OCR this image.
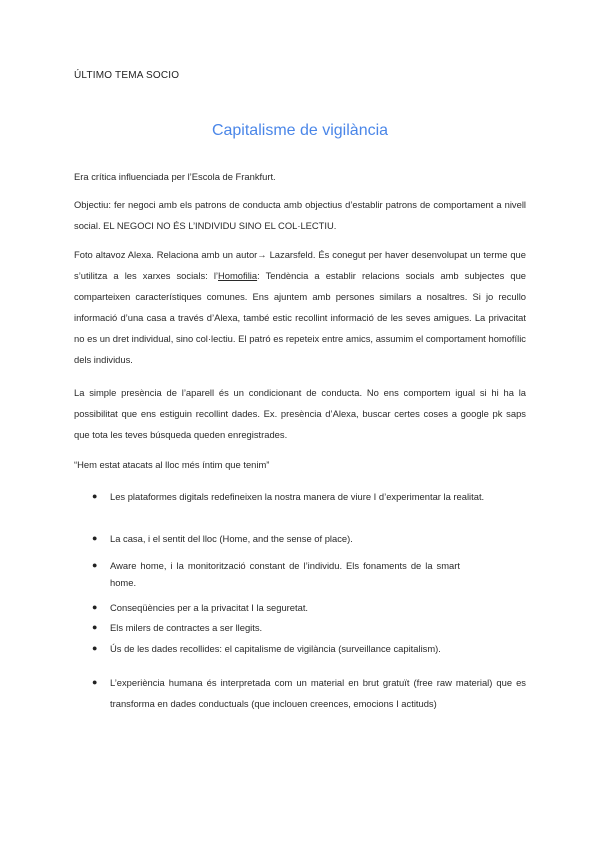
ÚLTIMO TEMA SOCIO
Capitalisme de vigilància
Era crítica influenciada per l’Escola de Frankfurt.
Objectiu: fer negoci amb els patrons de conducta amb objectius d’establir patrons de comportament a nivell social. EL NEGOCI NO ÉS L’INDIVIDU SINO EL COL·LECTIU.
Foto altavoz Alexa. Relaciona amb un autor→ Lazarsfeld. És conegut per haver desenvolupat un terme que s’utilitza a les xarxes socials: l’Homofilia: Tendència a establir relacions socials amb subjectes que comparteixen característiques comunes. Ens ajuntem amb persones similars a nosaltres. Si jo recullo informació d’una casa a través d’Alexa, també estic recollint informació de les seves amigues. La privacitat no es un dret individual, sino col·lectiu. El patró es repeteix entre amics, assumim el comportament homofílic dels individus.
La simple presència de l’aparell és un condicionant de conducta. No ens comportem igual si hi ha la possibilitat que ens estiguin recollint dades. Ex. presència d’Alexa, buscar certes coses a google pk saps que tota les teves búsqueda queden enregistrades.
“Hem estat atacats al lloc més íntim que tenim”
● Les plataformes digitals redefineixen la nostra manera de viure I d’experimentar la realitat.
● La casa, i el sentit del lloc (Home, and the sense of place).
● Aware home, i la monitorització constant de l’individu. Els fonaments de la smart home.
● Conseqüències per a la privacitat I la seguretat.
● Els milers de contractes a ser llegits.
● Ús de les dades recollides: el capitalisme de vigilància (surveillance capitalism).
● L’experiència humana és interpretada com un material en brut gratuït (free raw material) que es transforma en dades conductuals (que inclouen creences, emocions I actituds)
